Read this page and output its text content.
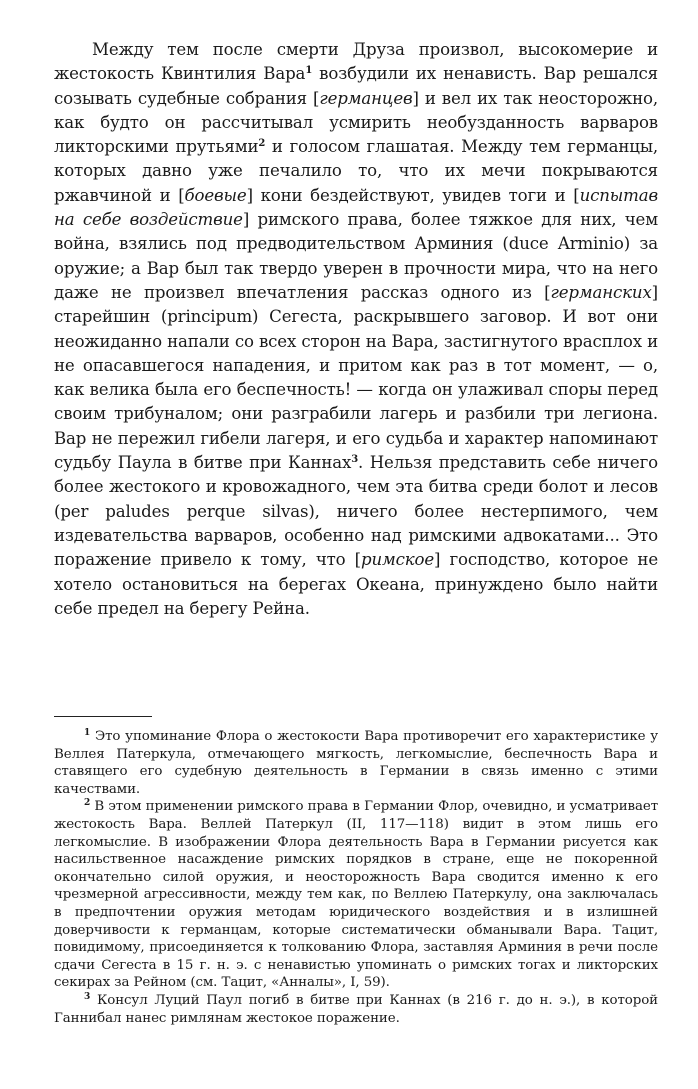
Между тем после смерти Друза произвол, высокомерие и жестокость Квинтилия Вара$^1$ возбудили их ненависть. Вар решался созывать судебные собрания [германцев] и вел их так неосторожно, как будто он рассчитывал усмирить необузданность варваров ликторскими прутьями$^2$ и голосом глашатая. Между тем германцы, которых давно уже печалило то, что их мечи покрываются ржавчиной и [боевые] кони бездействуют, увидев тоги и [испытав на себе воздействие] римского права, более тяжкое для них, чем война, взялись под предводительством Арминия (duce Arminio) за оружие; а Вар был так твердо уверен в прочности мира, что на него даже не произвел впечатления рассказ одного из [германских] старейшин (principum) Сегеста, раскрывшего заговор. И вот они неожиданно напали со всех сторон на Вара, застигнутого врасплох и не опасавшегося нападения, и притом как раз в тот момент, — о, как велика была его беспечность! — когда он улаживал споры перед своим трибуналом; они разграбили лагерь и разбили три легиона. Вар не пережил гибели лагеря, и его судьба и характер напоминают судьбу Паула в битве при Каннах$^3$. Нельзя представить себе ничего более жестокого и кровожадного, чем эта битва среди болот и лесов (per paludes perque silvas), ничего более нестерпимого, чем издевательства варваров, особенно над римскими адвокатами... Это поражение привело к тому, что [римское] господство, которое не хотело остановиться на берегах Океана, принуждено было найти себе предел на берегу Рейна.

$^1$ Это упоминание Флора о жестокости Вара противоречит его характеристике у Веллея Патеркула, отмечающего мягкость, легкомыслие, беспечность Вара и ставящего его судебную деятельность в Германии в связь именно с этими качествами.

$^2$ В этом применении римского права в Германии Флор, очевидно, и усматривает жестокость Вара. Веллей Патеркул (II, 117—118) видит в этом лишь его легкомыслие. В изображении Флора деятельность Вара в Германии рисуется как насильственное насаждение римских порядков в стране, еще не покоренной окончательно силой оружия, и неосторожность Вара сводится именно к его чрезмерной агрессивности, между тем как, по Веллею Патеркулу, она заключалась в предпочтении оружия методам юридического воздействия и в излишней доверчивости к германцам, которые систематически обманывали Вара. Тацит, повидимому, присоединяется к толкованию Флора, заставляя Арминия в речи после сдачи Сегеста в 15 г. н. э. с ненавистью упоминать о римских тогах и ликторских секирах за Рейном (см. Тацит, «Анналы», I, 59).

$^3$ Консул Луций Паул погиб в битве при Каннах (в 216 г. до н. э.), в которой Ганнибал нанес римлянам жестокое поражение.
